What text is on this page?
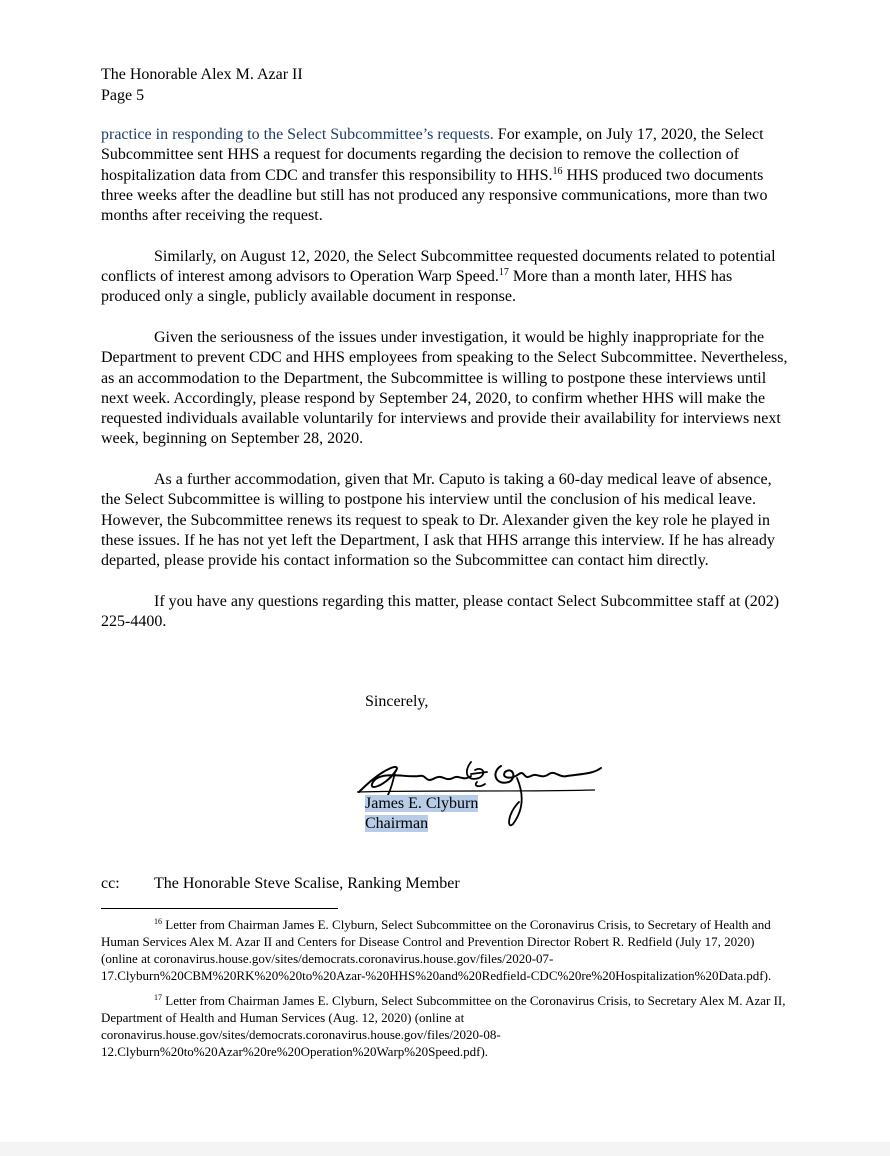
The Honorable Alex M. Azar II
Page 5

practice in responding to the Select Subcommittee’s requests. For example, on July 17, 2020, the Select Subcommittee sent HHS a request for documents regarding the decision to remove the collection of hospitalization data from CDC and transfer this responsibility to HHS.$^{16}$ HHS produced two documents three weeks after the deadline but still has not produced any responsive communications, more than two months after receiving the request.

Similarly, on August 12, 2020, the Select Subcommittee requested documents related to potential conflicts of interest among advisors to Operation Warp Speed.$^{17}$ More than a month later, HHS has produced only a single, publicly available document in response.

Given the seriousness of the issues under investigation, it would be highly inappropriate for the Department to prevent CDC and HHS employees from speaking to the Select Subcommittee. Nevertheless, as an accommodation to the Department, the Subcommittee is willing to postpone these interviews until next week. Accordingly, please respond by September 24, 2020, to confirm whether HHS will make the requested individuals available voluntarily for interviews and provide their availability for interviews next week, beginning on September 28, 2020.

As a further accommodation, given that Mr. Caputo is taking a 60-day medical leave of absence, the Select Subcommittee is willing to postpone his interview until the conclusion of his medical leave. However, the Subcommittee renews its request to speak to Dr. Alexander given the key role he played in these issues. If he has not yet left the Department, I ask that HHS arrange this interview. If he has already departed, please provide his contact information so the Subcommittee can contact him directly.

If you have any questions regarding this matter, please contact Select Subcommittee staff at (202) 225-4400.

Sincerely,
James E. Clyburn
Chairman
cc: The Honorable Steve Scalise, Ranking Member

$^{16}$ Letter from Chairman James E. Clyburn, Select Subcommittee on the Coronavirus Crisis, to Secretary of Health and Human Services Alex M. Azar II and Centers for Disease Control and Prevention Director Robert R. Redfield (July 17, 2020) (online at coronavirus.house.gov/sites/democrats.coronavirus.house.gov/files/2020-07-17.Clyburn%20CBM%20RK%20%20to%20Azar-%20HHS%20and%20Redfield-CDC%20re%20Hospitalization%20Data.pdf).

$^{17}$ Letter from Chairman James E. Clyburn, Select Subcommittee on the Coronavirus Crisis, to Secretary Alex M. Azar II, Department of Health and Human Services (Aug. 12, 2020) (online at coronavirus.house.gov/sites/democrats.coronavirus.house.gov/files/2020-08-12.Clyburn%20to%20Azar%20re%20Operation%20Warp%20Speed.pdf).
